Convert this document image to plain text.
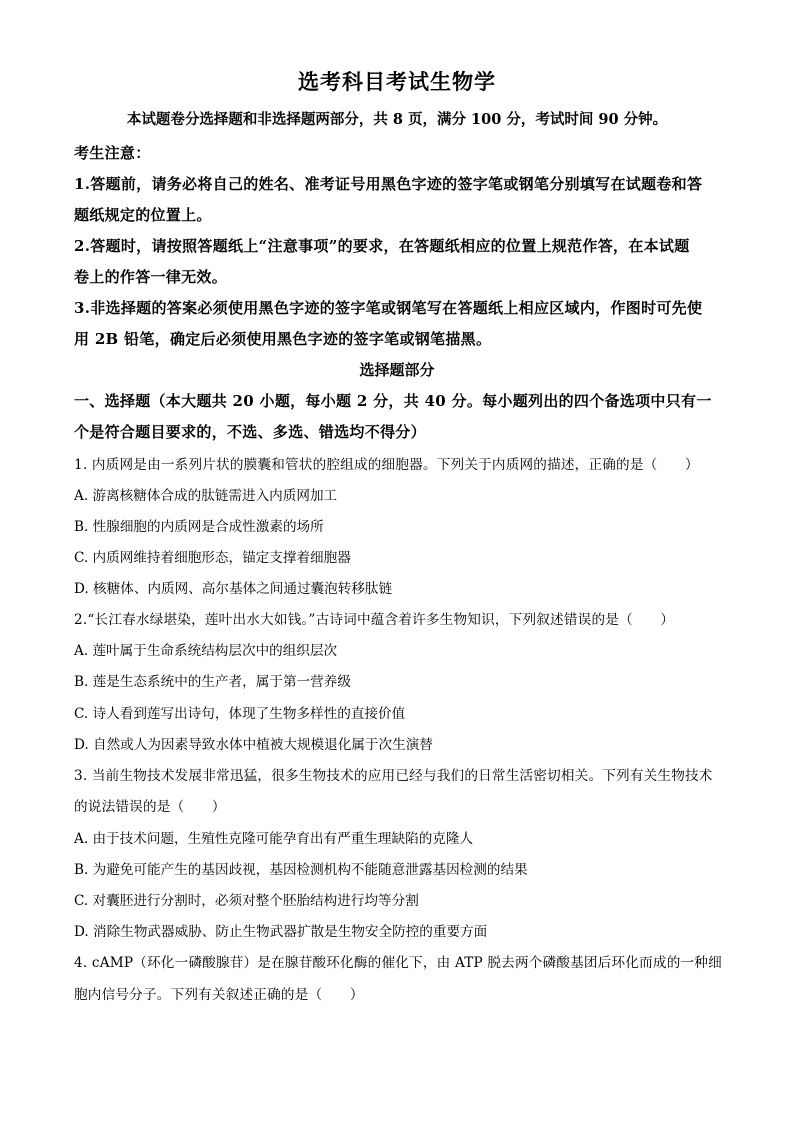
选考科目考试生物学
本试题卷分选择题和非选择题两部分，共 8 页，满分 100 分，考试时间 90 分钟。
考生注意：
1.答题前，请务必将自己的姓名、准考证号用黑色字迹的签字笔或钢笔分别填写在试题卷和答
题纸规定的位置上。
2.答题时，请按照答题纸上“注意事项”的要求，在答题纸相应的位置上规范作答，在本试题
卷上的作答一律无效。
3.非选择题的答案必须使用黑色字迹的签字笔或钢笔写在答题纸上相应区域内，作图时可先使
用 2B 铅笔，确定后必须使用黑色字迹的签字笔或钢笔描黑。
选择题部分
一、选择题（本大题共 20 小题，每小题 2 分，共 40 分。每小题列出的四个备选项中只有一
个是符合题目要求的，不选、多选、错选均不得分）
1. 内质网是由一系列片状的膜囊和管状的腔组成的细胞器。下列关于内质网的描述，正确的是（　　）
A. 游离核糖体合成的肽链需进入内质网加工
B. 性腺细胞的内质网是合成性激素的场所
C. 内质网维持着细胞形态，锚定支撑着细胞器
D. 核糖体、内质网、高尔基体之间通过囊泡转移肽链
2.“长江春水绿堪染，莲叶出水大如钱。”古诗词中蕴含着许多生物知识，下列叙述错误的是（　　）
A. 莲叶属于生命系统结构层次中的组织层次
B. 莲是生态系统中的生产者，属于第一营养级
C. 诗人看到莲写出诗句，体现了生物多样性的直接价值
D. 自然或人为因素导致水体中植被大规模退化属于次生演替
3. 当前生物技术发展非常迅猛，很多生物技术的应用已经与我们的日常生活密切相关。下列有关生物技术
的说法错误的是（　　）
A. 由于技术问题，生殖性克隆可能孕育出有严重生理缺陷的克隆人
B. 为避免可能产生的基因歧视，基因检测机构不能随意泄露基因检测的结果
C. 对囊胚进行分割时，必须对整个胚胎结构进行均等分割
D. 消除生物武器威胁、防止生物武器扩散是生物安全防控的重要方面
4. cAMP（环化一磷酸腺苷）是在腺苷酸环化酶的催化下，由 ATP 脱去两个磷酸基团后环化而成的一种细
胞内信号分子。下列有关叙述正确的是（　　）
